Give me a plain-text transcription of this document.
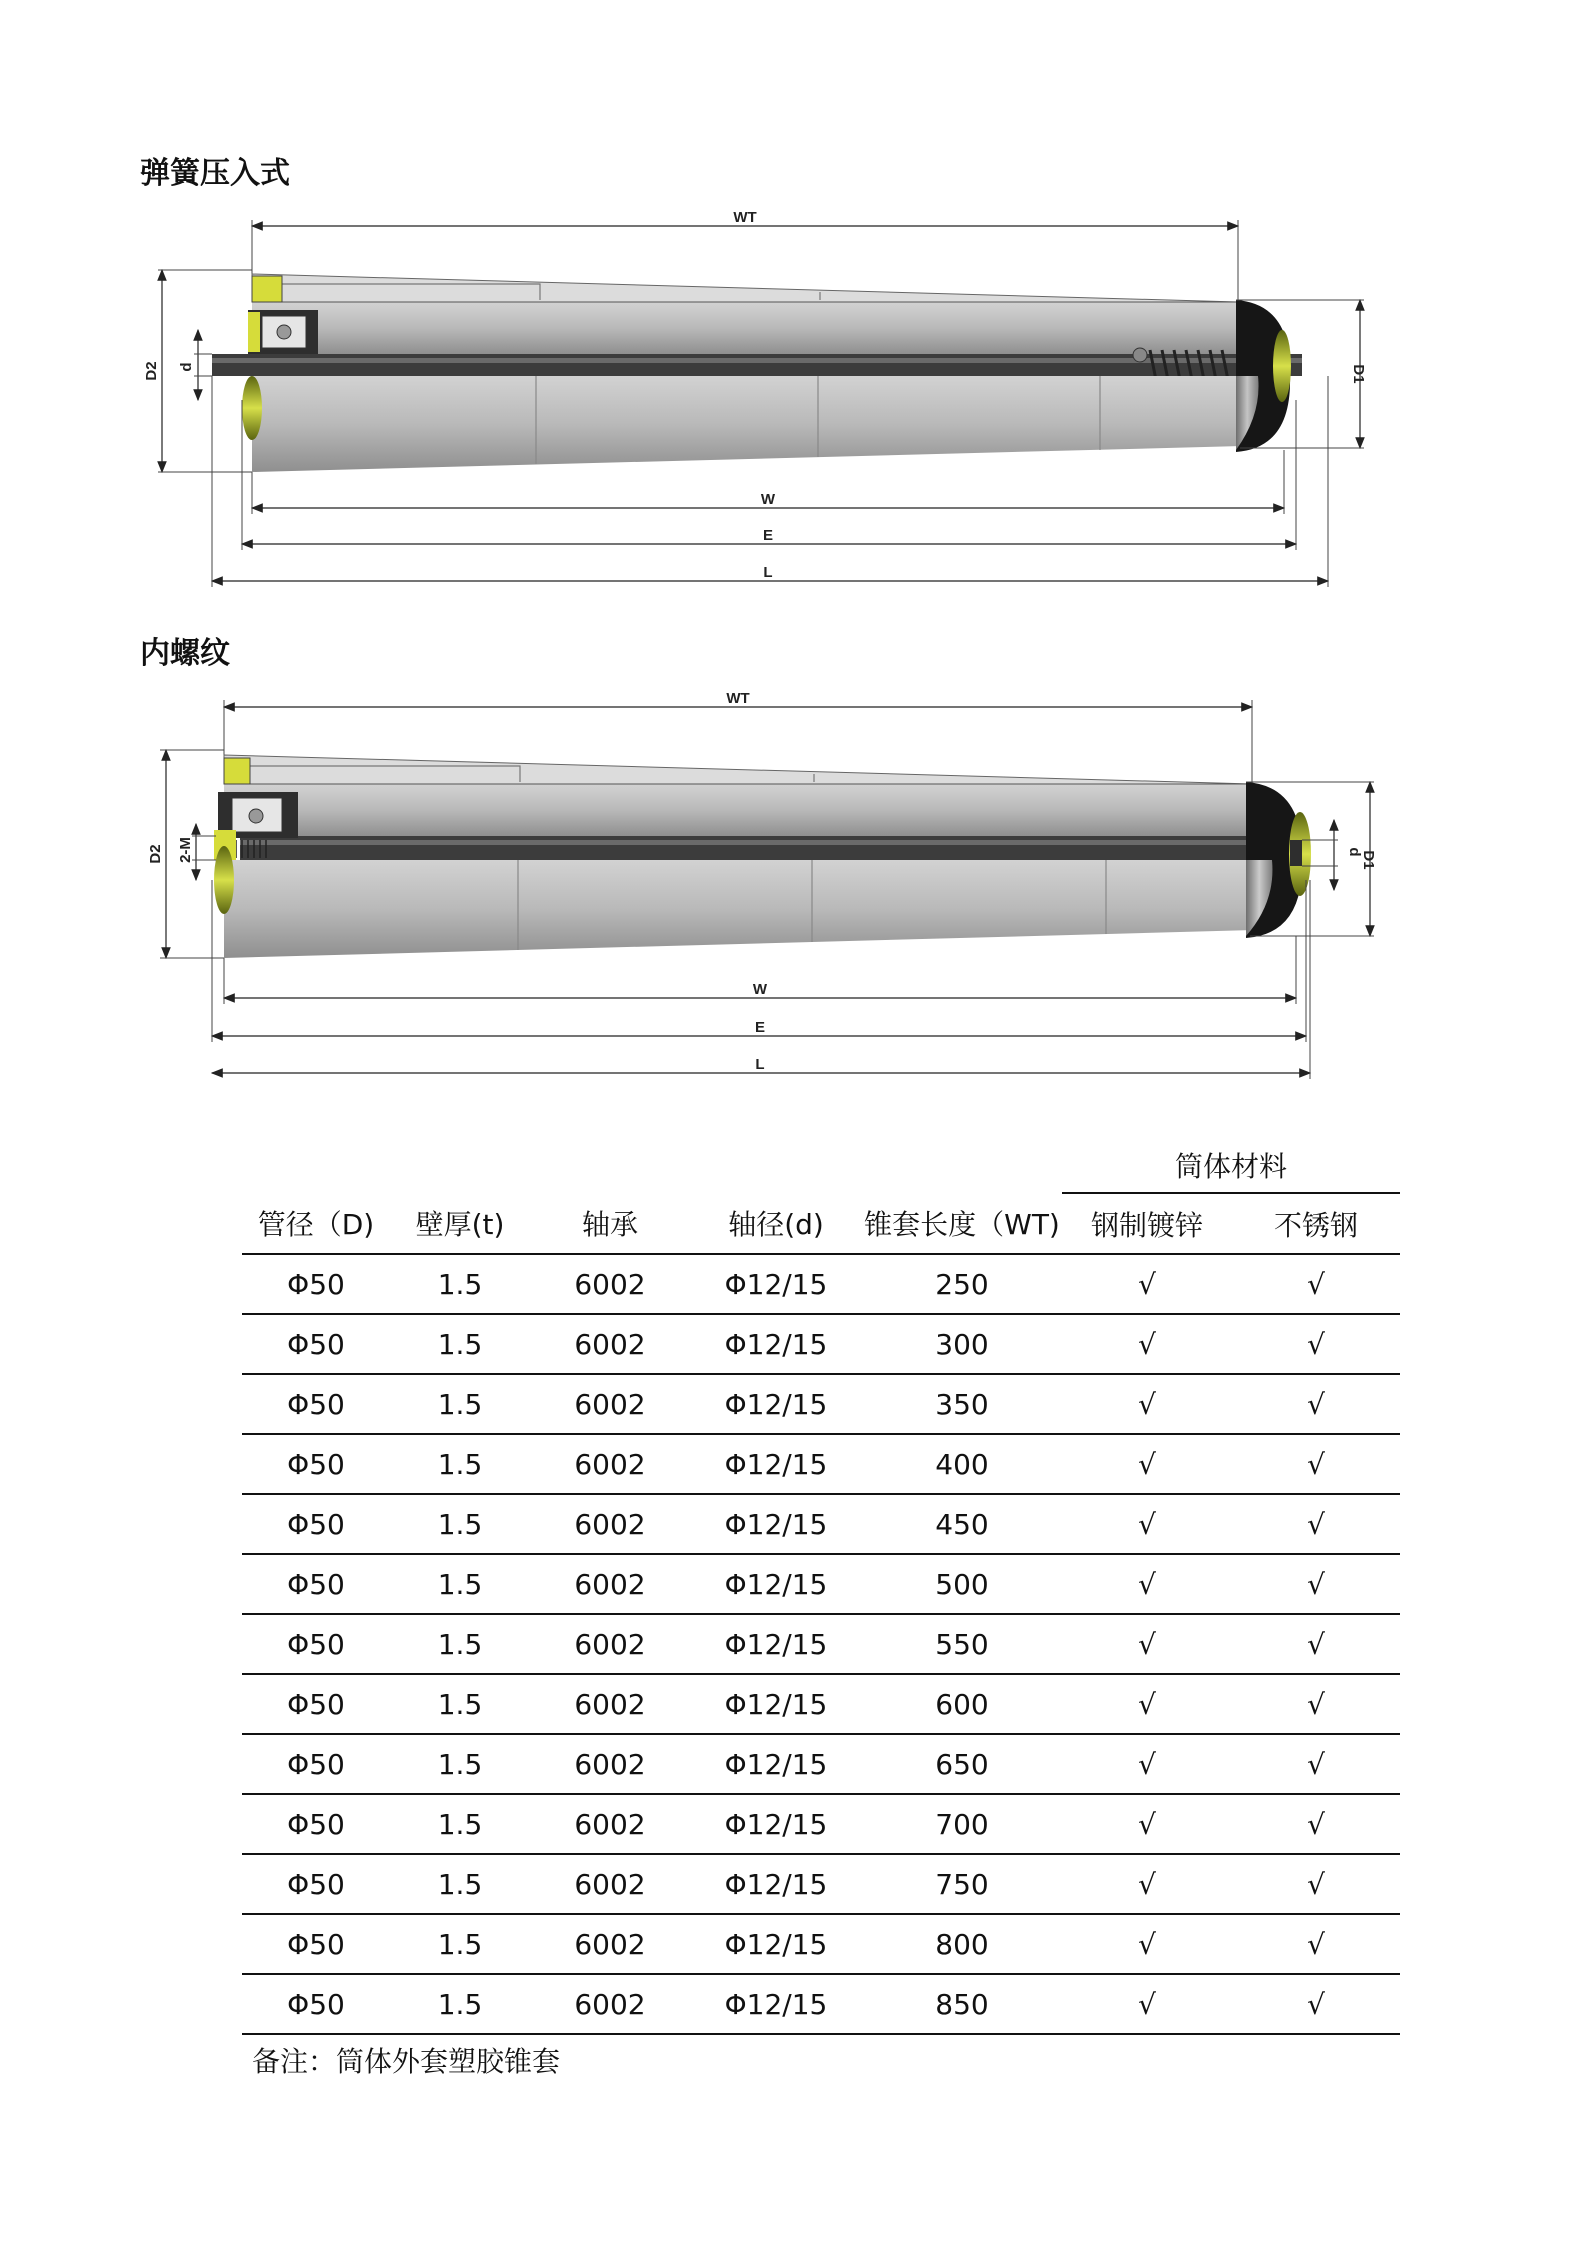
弹簧压入式
WT
D2 d	D1
W
E
L
内螺纹
WT
D2 2-M	d
D1
W
E
L
					筒体材料	
管径（D)	壁厚(t)	轴承	轴径(d)	锥套长度（WT)	钢制镀锌	不锈钢
Φ50	1.5	6002	Φ12/15	250	√	√
Φ50	1.5	6002	Φ12/15	300	√	√
Φ50	1.5	6002	Φ12/15	350	√	√
Φ50	1.5	6002	Φ12/15	400	√	√
Φ50	1.5	6002	Φ12/15	450	√	√
Φ50	1.5	6002	Φ12/15	500	√	√
Φ50	1.5	6002	Φ12/15	550	√	√
Φ50	1.5	6002	Φ12/15	600	√	√
Φ50	1.5	6002	Φ12/15	650	√	√
Φ50	1.5	6002	Φ12/15	700	√	√
Φ50	1.5	6002	Φ12/15	750	√	√
Φ50	1.5	6002	Φ12/15	800	√	√
Φ50	1.5	6002	Φ12/15	850	√	√
备注：筒体外套塑胶锥套
